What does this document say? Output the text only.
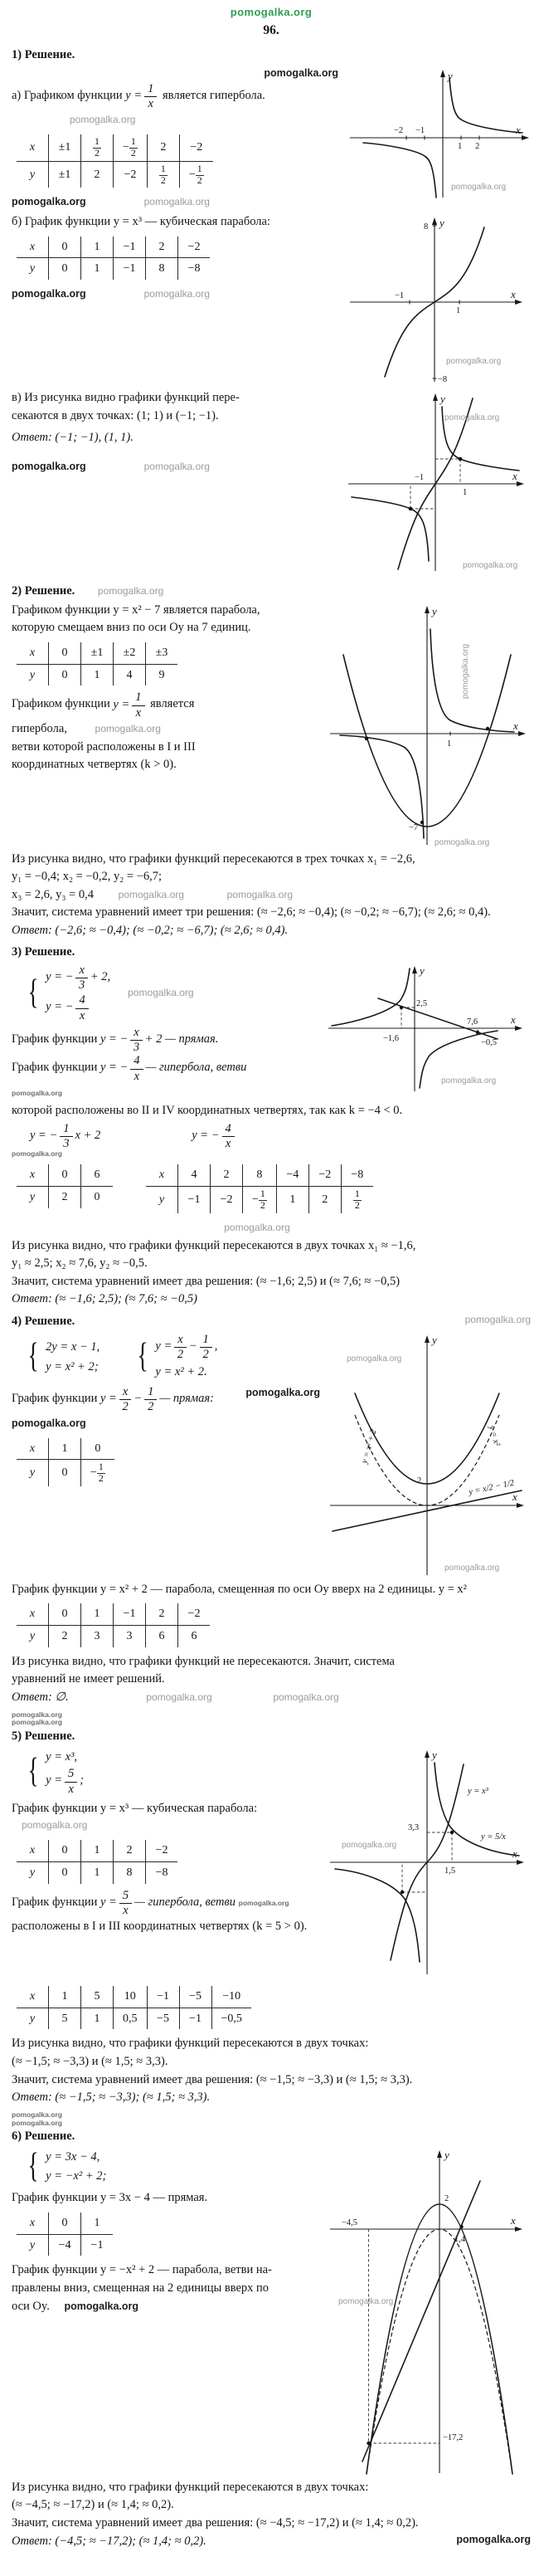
pomogalka.org
96.
1) Решение.
pomogalka.org
а) Графиком функции $y = \frac{1}{x}$ является гипербола.
pomogalka.org
x	±1	$\frac{1}{2}$	− $\frac{1}{2}$	2	−2
y	±1	2	−2	$\frac{1}{2}$	− $\frac{1}{2}$
pomogalka.org	pomogalka.org
y
x
1 2
−1
−2
pomogalka.org
б) График функции y = x³ — кубическая парабола:
x	0	1	−1	2	−2
y	0	1	−1	8	−8
pomogalka.org	pomogalka.org
y
x
1
−1
8
−8
pomogalka.org
в) Из рисунка видно графики функций пере-
секаются в двух точках: (1; 1) и (−1; −1).
Ответ: (−1; −1), (1, 1).
pomogalka.org	pomogalka.org
y
x
1
−1
pomogalka.org
pomogalka.org
2) Решение. pomogalka.org
Графиком функции y = x² − 7 является парабола,
которую смещаем вниз по оси Oy на 7 единиц.
x	0	±1	±2	±3
y	0	1	4	9
Графиком функции $y = \frac{1}{x}$ является
гипербола,	pomogalka.org
ветви которой расположены в I и III
координатных четвертях (k > 0).
y
x
−7
1
pomogalka.org
pomogalka.org
Из рисунка видно, что графики функций пересекаются в трех точках x₁ = −2,6,
y₁ = −0,4; x₂ = −0,2, y₂ = −6,7;
x₃ = 2,6, y₃ = 0,4 pomogalka.org	pomogalka.org
Значит, система уравнений имеет три решения: (≈ −2,6; ≈ −0,4); (≈ −0,2; ≈ −6,7); (≈ 2,6; ≈ 0,4).
Ответ: (−2,6; ≈ −0,4); (≈ −0,2; ≈ −6,7); (≈ 2,6; ≈ 0,4).
3) Решение.
{ y = − $\frac{x}{3} + 2$,
y = − $\frac{4}{x}$
pomogalka.org
График функции y = − $\frac{x}{3} + 2$ — прямая.
График функции y = − $\frac{4}{x}$ — гипербола, ветви
pomogalka.org
y
x
2,5
−1,6
7,6
−0,5
pomogalka.org
которой расположены во II и IV координатных четвертях, так как k = −4 < 0.
y = − $\frac{1}{3}$ x + 2	y = − $\frac{4}{x}$
pomogalka.org
x	0	6
y	2	0
x	4	2	8	−4	−2	−8
y	−1	−2	− $\frac{1}{2}$	1	2	$\frac{1}{2}$
pomogalka.org
Из рисунка видно, что графики функций пересекаются в двух точках x₁ ≈ −1,6,
y₁ ≈ 2,5; x₂ ≈ 7,6, y₂ ≈ −0,5.
Значит, система уравнений имеет два решения: (≈ −1,6; 2,5) и (≈ 7,6; ≈ −0,5)
Ответ: (≈ −1,6; 2,5); (≈ 7,6; ≈ −0,5)
4) Решение.	pomogalka.org
{ 2y = x − 1,
y = x² + 2; { $y = \frac{x}{2} - \frac{1}{2}$ ,
y = x² + 2.
График функции $y = \frac{x}{2} - \frac{1}{2}$ — прямая:	pomogalka.org
pomogalka.org
x	1	0
y	0	− $\frac{1}{2}$
y
x
2
y = x² + 2	y = x²
y = x/2 − 1/2
pomogalka.org
pomogalka.org
График функции y = x² + 2 — парабола, смещенная по оси Oy вверх на 2 единицы. y = x²
x	0	1	−1	2	−2
y	2	3	3	6	6
Из рисунка видно, что графики функций не пересекаются. Значит, система
уравнений не имеет решений.
Ответ: ∅.	pomogalka.org	pomogalka.org
pomogalka.org
pomogalka.org
5) Решение.
{ y = x³,
$y = \frac{5}{x}$ ;
График функции y = x³ — кубическая парабола: pomogalka.org
x	0	1	2	−2
y	0	1	8	−8
График функции $y = \frac{5}{x}$ — гипербола, ветви pomogalka.org
расположены в I и III координатных четвертях (k = 5 > 0).
y
x
1,5
3,3
y = 5/x
y = x³
pomogalka.org
x	1	5	10	−1	−5	−10
y	5	1	0,5	−5	−1	−0,5
Из рисунка видно, что графики функций пересекаются в двух точках:
(≈ −1,5; ≈ −3,3) и (≈ 1,5; ≈ 3,3).
Значит, система уравнений имеет два решения: (≈ −1,5; ≈ −3,3) и (≈ 1,5; ≈ 3,3).
Ответ: (≈ −1,5; ≈ −3,3); (≈ 1,5; ≈ 3,3).
pomogalka.org
pomogalka.org
6) Решение.
{ y = 3x − 4,
y = −x² + 2;
График функции y = 3x − 4 — прямая.
x	0	1
y	−4	−1
График функции y = −x² + 2 — парабола, ветви на-
правлены вниз, смещенная на 2 единицы вверх по
оси Oy. pomogalka.org
y
x
−4,5
−17,2
2
1,4
pomogalka.org
Из рисунка видно, что графики функций пересекаются в двух точках:
(≈ −4,5; ≈ −17,2) и (≈ 1,4; ≈ 0,2).
Значит, система уравнений имеет два решения: (≈ −4,5; ≈ −17,2) и (≈ 1,4; ≈ 0,2).
Ответ: (−4,5; ≈ −17,2); (≈ 1,4; ≈ 0,2).	pomogalka.org
